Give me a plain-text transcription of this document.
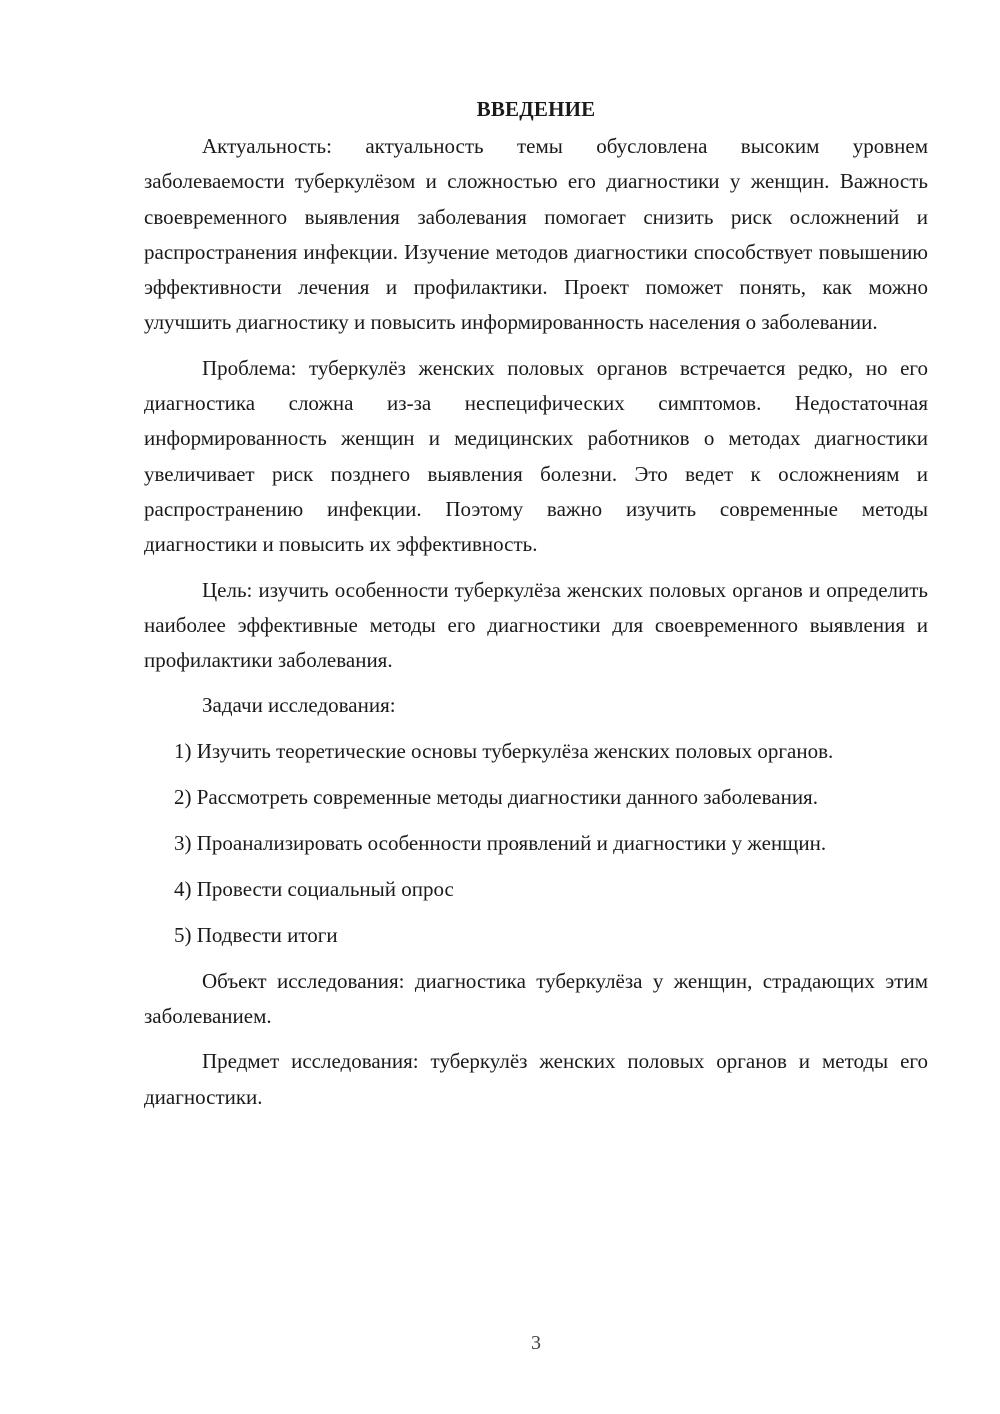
ВВЕДЕНИЕ

Актуальность: актуальность темы обусловлена высоким уровнем заболеваемости туберкулёзом и сложностью его диагностики у женщин. Важность своевременного выявления заболевания помогает снизить риск осложнений и распространения инфекции. Изучение методов диагностики способствует повышению эффективности лечения и профилактики. Проект поможет понять, как можно улучшить диагностику и повысить информированность населения о заболевании.

Проблема: туберкулёз женских половых органов встречается редко, но его диагностика сложна из-за неспецифических симптомов. Недостаточная информированность женщин и медицинских работников о методах диагностики увеличивает риск позднего выявления болезни. Это ведет к осложнениям и распространению инфекции. Поэтому важно изучить современные методы диагностики и повысить их эффективность.

Цель: изучить особенности туберкулёза женских половых органов и определить наиболее эффективные методы его диагностики для своевременного выявления и профилактики заболевания.

Задачи исследования:

1) Изучить теоретические основы туберкулёза женских половых органов.

2) Рассмотреть современные методы диагностики данного заболевания.

3) Проанализировать особенности проявлений и диагностики у женщин.

4) Провести социальный опрос

5) Подвести итоги

Объект исследования: диагностика туберкулёза у женщин, страдающих этим заболеванием.

Предмет исследования: туберкулёз женских половых органов и методы его диагностики.

3
